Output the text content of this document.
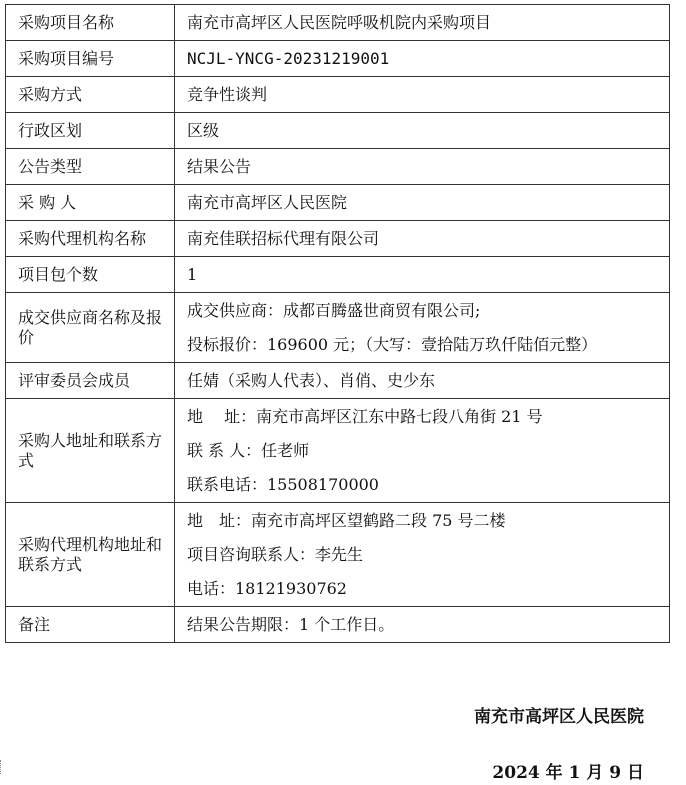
采购项目名称	南充市高坪区人民医院呼吸机院内采购项目
采购项目编号	NCJL-YNCG-20231219001
采购方式	竞争性谈判
行政区划	区级
公告类型	结果公告
采 购 人	南充市高坪区人民医院
采购代理机构名称	南充佳联招标代理有限公司
项目包个数	1
成交供应商名称及报价	成交供应商：成都百腾盛世商贸有限公司;
投标报价：169600 元；（大写：壹拾陆万玖仟陆佰元整）

评审委员会成员	任婧（采购人代表）、肖俏、史少东
采购人地址和联系方式	地　 址：南充市高坪区江东中路七段八角街 21 号
联 系 人：任老师
联系电话：15508170000

采购代理机构地址和联系方式	地　址：南充市高坪区望鹤路二段 75 号二楼
项目咨询联系人：李先生
电话：18121930762

备注	结果公告期限：1 个工作日。
南充市高坪区人民医院
2024 年 1 月 9 日
